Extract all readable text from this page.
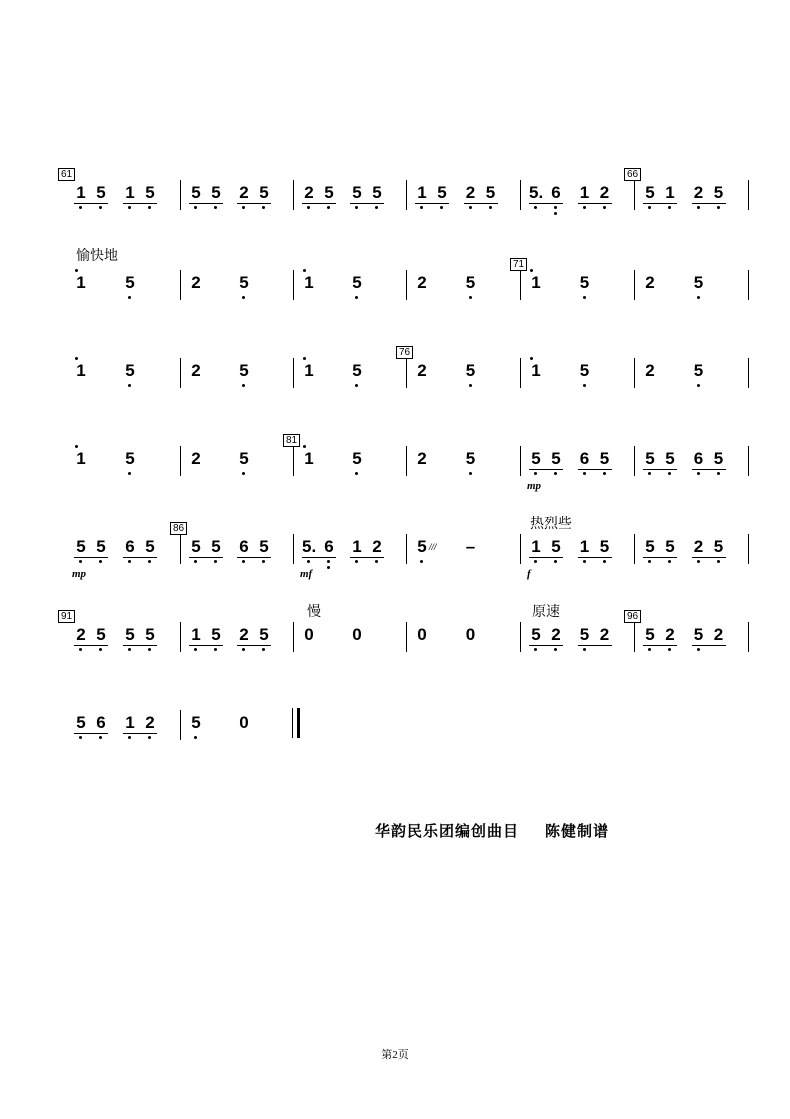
61
1 5 1 5 5 5 2 5 2 5 5 5 1 5 2 5 5. 6 1 2
66
5 1 2 5
愉快地
1 5	2 5	1 5	2 5
71
1 5	2 5
1 5	2 5	1 5
76
2 5	1 5	2 5
1 5	2 5
81
1 5	2 5
mp
5 5 6 5 5 5 6 5
热烈些
mp
5 5 6 5
86
5 5 6 5
mf
5. 6 1 2 5 /// –
f
1 5 1 5 5 5 2 5
91
2 5 5 5 1 5 2 5
慢
0 0	0 0
原速
5 2 5 2
96
5 2 5 2
5 6 1 2 5 0
华韵民乐团编创曲目 陈健制谱
第2页
